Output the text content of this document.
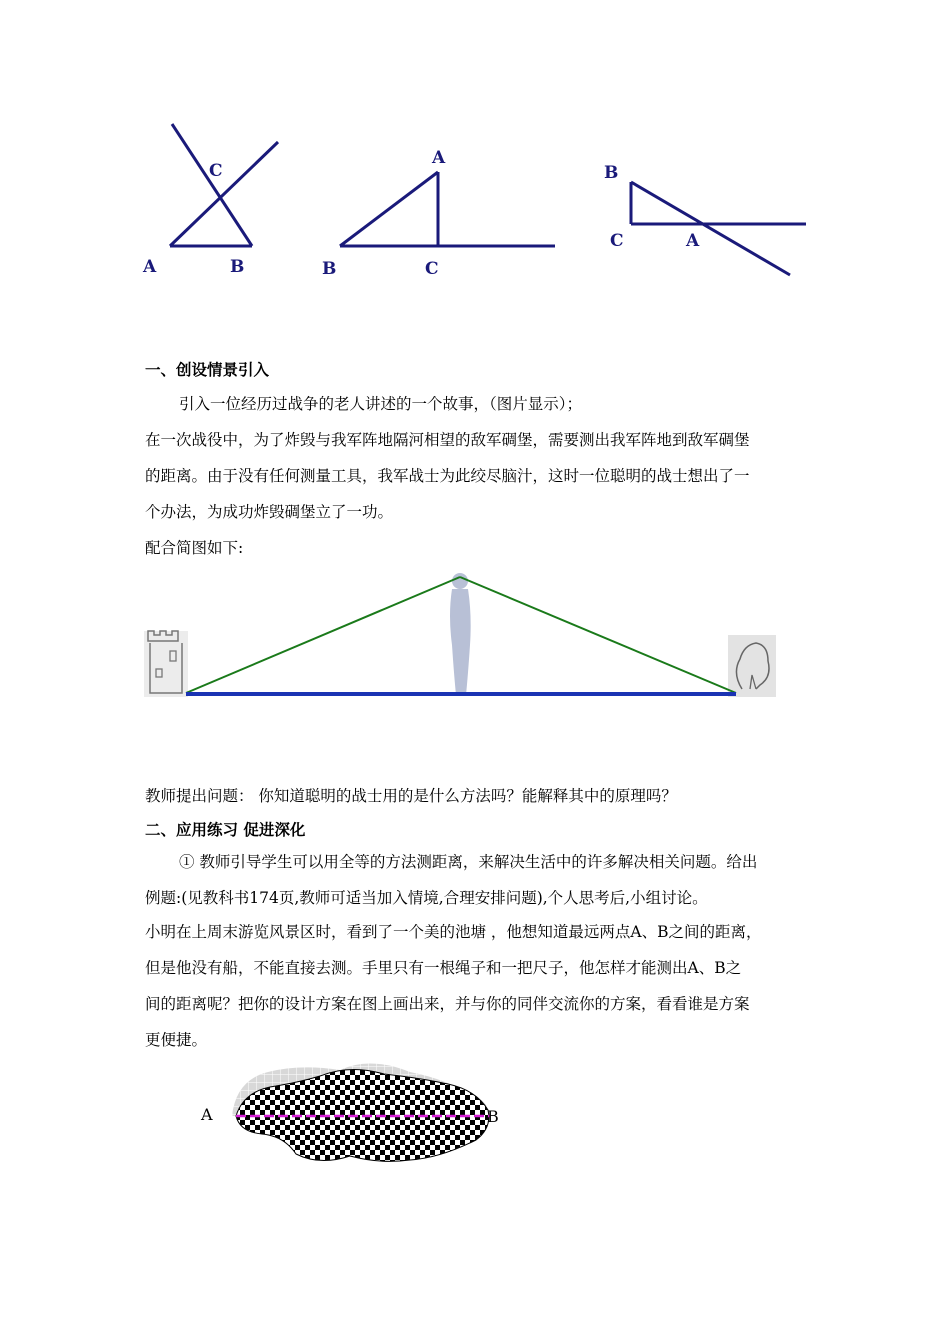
C
A	B
A
B	C
B
C	A
一、创设情景引入
引入一位经历过战争的老人讲述的一个故事，（图片显示）；
在一次战役中，为了炸毁与我军阵地隔河相望的敌军碉堡，需要测出我军阵地到敌军碉堡
的距离。由于没有任何测量工具，我军战士为此绞尽脑汁，这时一位聪明的战士想出了一
个办法，为成功炸毁碉堡立了一功。
配合简图如下:
教师提出问题： 你知道聪明的战士用的是什么方法吗？能解释其中的原理吗？
二、应用练习 促进深化
① 教师引导学生可以用全等的方法测距离，来解决生活中的许多解决相关问题。给出
例题:(见教科书174页,教师可适当加入情境,合理安排问题),个人思考后,小组讨论。
小明在上周末游览风景区时，看到了一个美的池塘 ，他想知道最远两点A、B之间的距离，
但是他没有船，不能直接去测。手里只有一根绳子和一把尺子，他怎样才能测出A、B之
间的距离呢？把你的设计方案在图上画出来，并与你的同伴交流你的方案，看看谁是方案
更便捷。
A	B
